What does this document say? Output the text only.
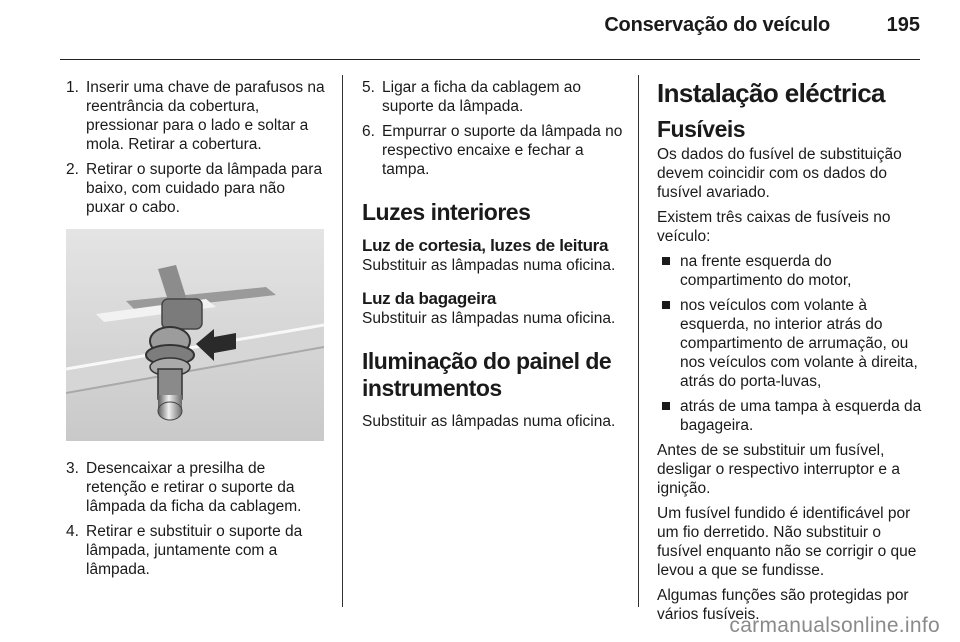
Conservação do veículo	195
1. Inserir uma chave de parafusos na reentrância da cobertura, pressionar para o lado e soltar a mola. Retirar a cobertura.
2. Retirar o suporte da lâmpada para baixo, com cuidado para não puxar o cabo.
3. Desencaixar a presilha de retenção e retirar o suporte da lâmpada da ficha da cablagem.
4. Retirar e substituir o suporte da lâmpada, juntamente com a lâmpada.
5. Ligar a ficha da cablagem ao suporte da lâmpada.
6. Empurrar o suporte da lâmpada no respectivo encaixe e fechar a tampa.
Luzes interiores
Luz de cortesia, luzes de leitura
Substituir as lâmpadas numa oficina.
Luz da bagageira
Substituir as lâmpadas numa oficina.
Iluminação do painel de instrumentos
Substituir as lâmpadas numa oficina.
Instalação eléctrica
Fusíveis
Os dados do fusível de substituição devem coincidir com os dados do fusível avariado.
Existem três caixas de fusíveis no veículo:
na frente esquerda do compartimento do motor,
nos veículos com volante à esquerda, no interior atrás do compartimento de arrumação, ou nos veículos com volante à direita, atrás do porta-luvas,
atrás de uma tampa à esquerda da bagageira.
Antes de se substituir um fusível, desligar o respectivo interruptor e a ignição.
Um fusível fundido é identificável por um fio derretido. Não substituir o fusível enquanto não se corrigir o que levou a que se fundisse.
Algumas funções são protegidas por vários fusíveis.
carmanualsonline.info
